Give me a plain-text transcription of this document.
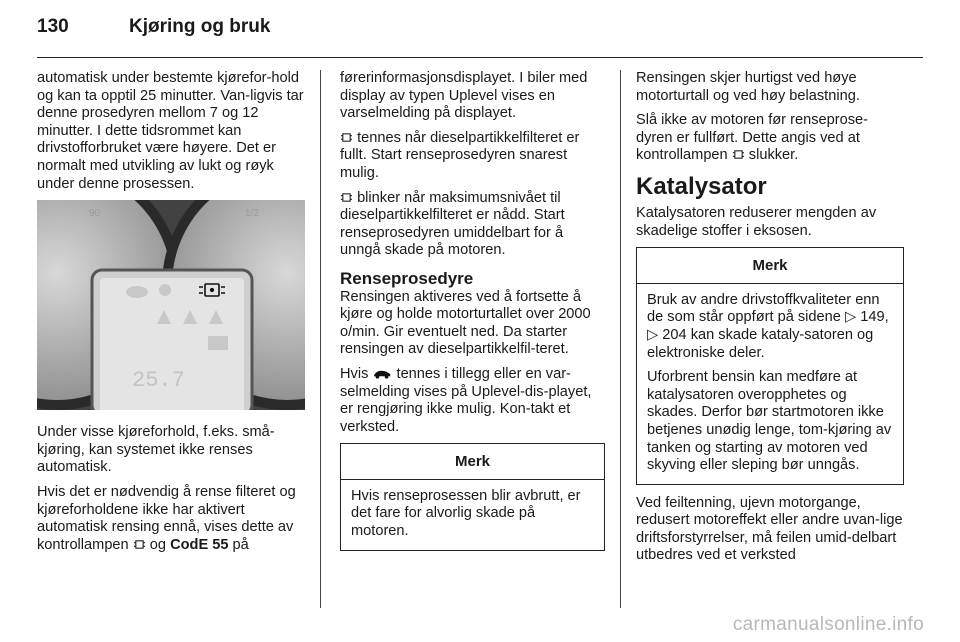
130	Kjøring og bruk

automatisk under bestemte kjørefor-hold og kan ta opptil 25 minutter. Van-ligvis tar denne prosedyren mellom 7 og 12 minutter. I dette tidsrommet kan drivstofforbruket være høyere. Det er normalt med utvikling av lukt og røyk under denne prosessen.

90	1/2
25.7

Under visse kjøreforhold, f.eks. små-kjøring, kan systemet ikke renses automatisk.

Hvis det er nødvendig å rense filteret og kjøreforholdene ikke har aktivert automatisk rensing ennå, vises dette av kontrollampen og CodE 55 på

førerinformasjonsdisplayet. I biler med display av typen Uplevel vises en varselmelding på displayet.

tennes når dieselpartikkelfilteret er fullt. Start renseprosedyren snarest mulig.

blinker når maksimumsnivået til dieselpartikkelfilteret er nådd. Start renseprosedyren umiddelbart for å unngå skade på motoren.

Renseprosedyre

Rensingen aktiveres ved å fortsette å kjøre og holde motorturtallet over 2000 o/min. Gir eventuelt ned. Da starter rensingen av dieselpartikkelfil-teret.

Hvis tennes i tillegg eller en var-selmelding vises på Uplevel-dis-playet, er rengjøring ikke mulig. Kon-takt et verksted.

Merk

Hvis renseprosessen blir avbrutt, er det fare for alvorlig skade på motoren.

Rensingen skjer hurtigst ved høye motorturtall og ved høy belastning.

Slå ikke av motoren før renseprose-dyren er fullført. Dette angis ved at kontrollampen slukker.

Katalysator

Katalysatoren reduserer mengden av skadelige stoffer i eksosen.

Merk

Bruk av andre drivstoffkvaliteter enn de som står oppført på sidene ▷ 149, ▷ 204 kan skade kataly-satoren og elektroniske deler.

Uforbrent bensin kan medføre at katalysatoren overopphetes og skades. Derfor bør startmotoren ikke betjenes unødig lenge, tom-kjøring av tanken og starting av motoren ved skyving eller sleping bør unngås.

Ved feiltenning, ujevn motorgange, redusert motoreffekt eller andre uvan-lige driftsforstyrrelser, må feilen umid-delbart utbedres ved et verksted

carmanualsonline.info
